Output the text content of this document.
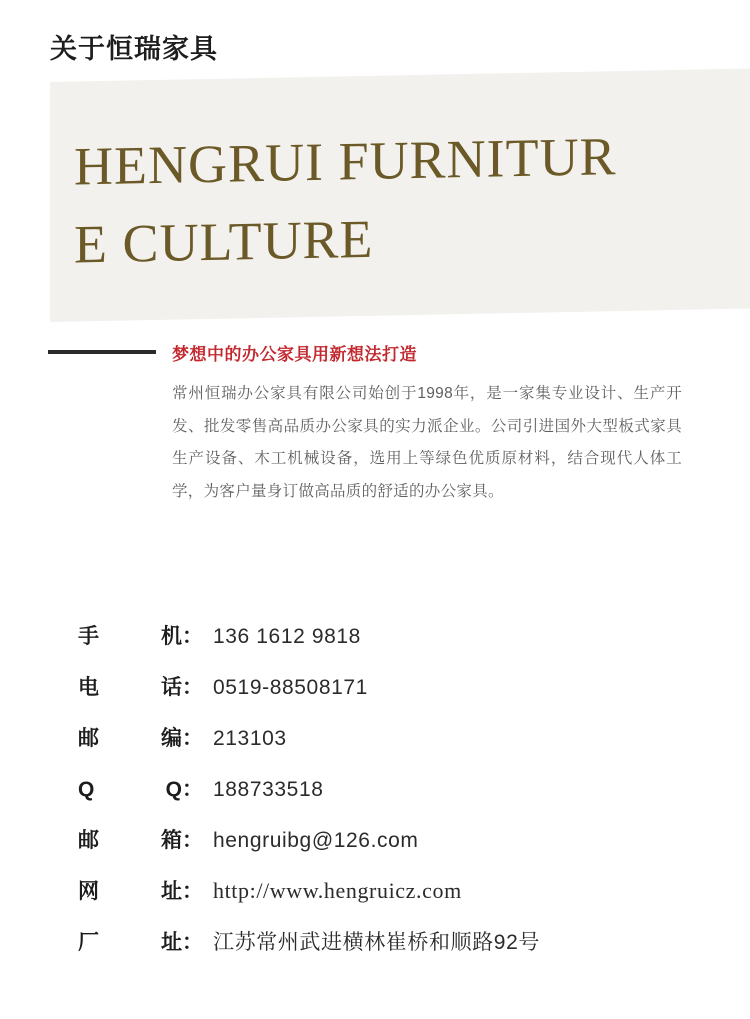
关于恒瑞家具
HENGRUI FURNITURE CULTURE
梦想中的办公家具用新想法打造
常州恒瑞办公家具有限公司始创于1998年，是一家集专业设计、生产开发、批发零售高品质办公家具的实力派企业。公司引进国外大型板式家具生产设备、木工机械设备，选用上等绿色优质原材料，结合现代人体工学，为客户量身订做高品质的舒适的办公家具。
手	机 ： 136 1612 9818
电	话 ： 0519-88508171
邮	编 ： 213103
Q	Q ： 188733518
邮	箱 ： hengruibg@126.com
网	址 ： http://www.hengruicz.com
厂	址 ： 江苏常州武进横林崔桥和顺路92号
